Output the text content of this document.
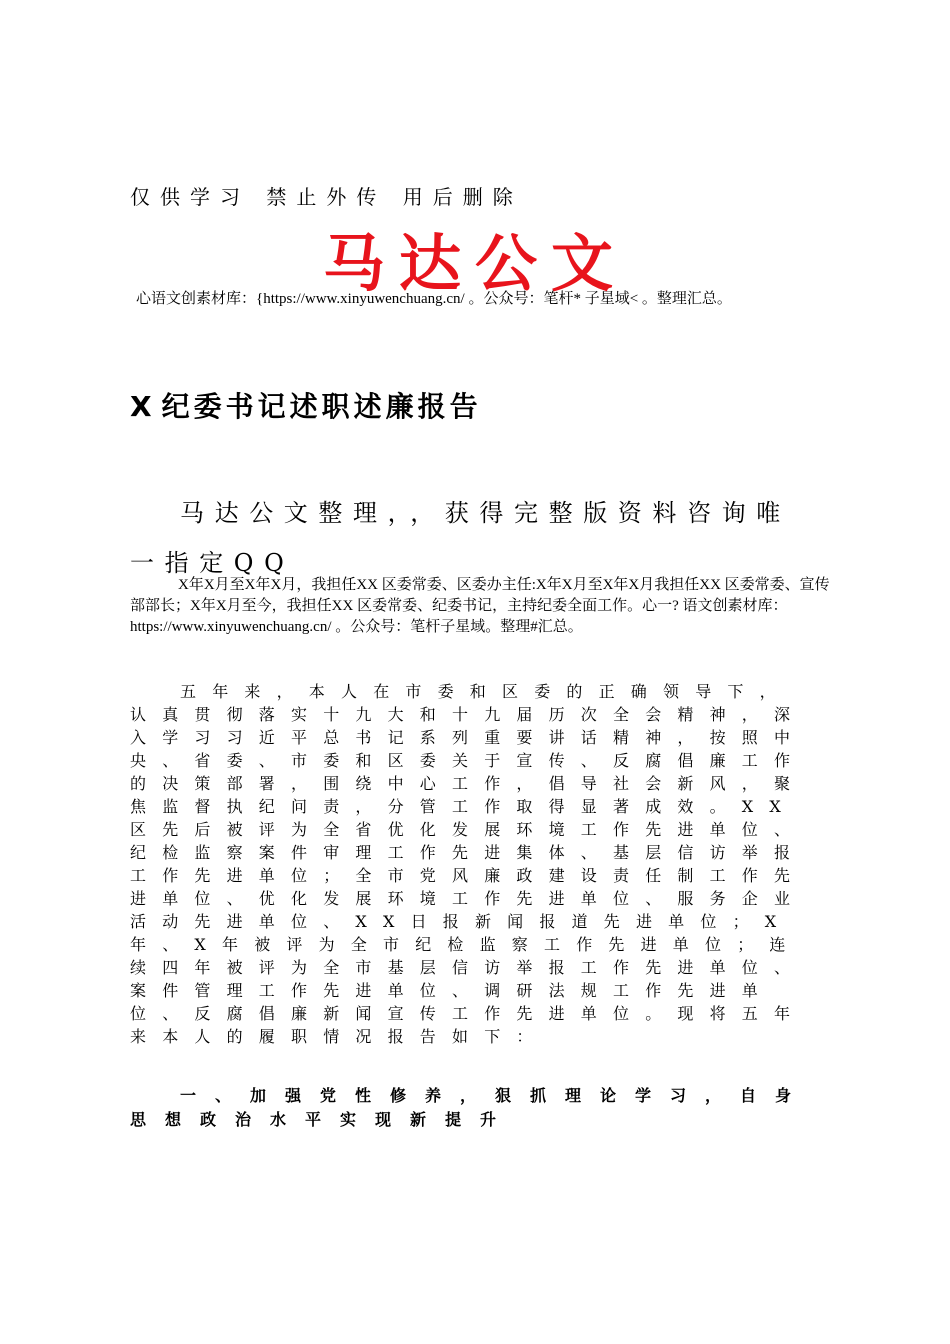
仅供学习 禁止外传 用后删除
马达公文
心语文创素材库：{https://www.xinyuwenchuang.cn/ 。公众号：笔杆* 子星域< 。整理汇总。
X 纪委书记述职述廉报告
马达公文整理，，获得完整版资料咨询唯一指定QQ
X年X月至X年X月，我担任XX 区委常委、区委办主任:X年X月至X年X月我担任XX 区委常委、宣传部部长；X年X月至今，我担任XX 区委常委、纪委书记，主持纪委全面工作。心一? 语文创素材库：https://www.xinyuwenchuang.cn/ 。公众号：笔杆子星域。整理#汇总。
五年来，本人在市委和区委的正确领导下，认真贯彻落实十九大和十九届历次全会精神，深入学习习近平总书记系列重要讲话精神，按照中央、省委、市委和区委关于宣传、反腐倡廉工作的决策部署，围绕中心工作，倡导社会新风，聚焦监督执纪问责，分管工作取得显著成效。XX区先后被评为全省优化发展环境工作先进单位、纪检监察案件审理工作先进集体、基层信访举报工作先进单位；全市党风廉政建设责任制工作先进单位、优化发展环境工作先进单位、服务企业活动先进单位、XX日报新闻报道先进单位；X年、X年被评为全市纪检监察工作先进单位；连续四年被评为全市基层信访举报工作先进单位、案件管理工作先进单位、调研法规工作先进单位、反腐倡廉新闻宣传工作先进单位。现将五年来本人的履职情况报告如下：
一、加强党性修养，狠抓理论学习，自身思想政治水平实现新提升
